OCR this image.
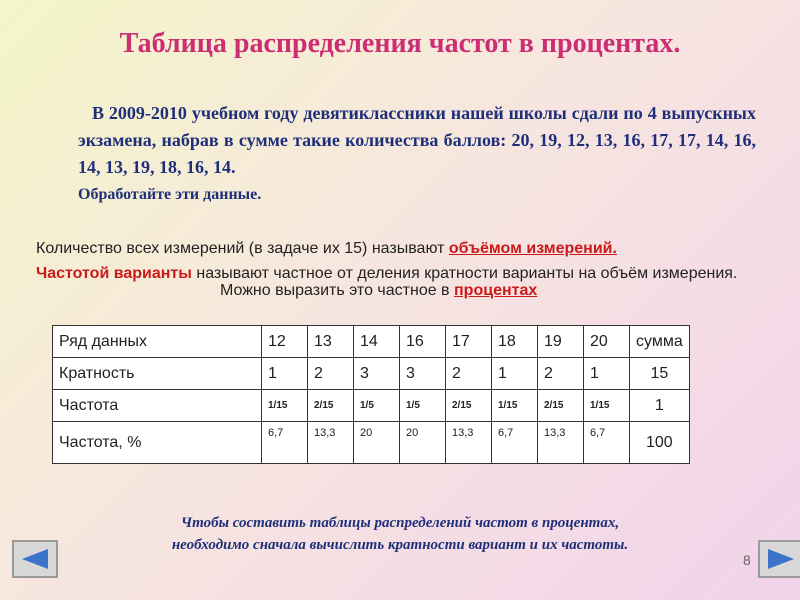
Таблица распределения частот в процентах.
В 2009-2010 учебном году девятиклассники нашей школы сдали по 4 выпускных экзамена, набрав в сумме такие количества баллов: 20, 19, 12, 13, 16, 17, 17, 14, 16, 14, 13, 19, 18, 16, 14.
Обработайте эти данные.
Количество всех измерений (в задаче их 15) называют объёмом измерений.
Частотой варианты называют частное от деления кратности варианты на объём измерения.
Можно выразить это частное в процентах
Ряд данных	12	13	14	16	17	18	19	20	сумма
Кратность	1	2	3	3	2	1	2	1	15
Частота	1/15	2/15	1/5	1/5	2/15	1/15	2/15	1/15	1
Частота, %	6,7	13,3	20	20	13,3	6,7	13,3	6,7	100
Чтобы составить таблицы распределений частот в процентах,
необходимо сначала вычислить кратности вариант и их частоты.
8
